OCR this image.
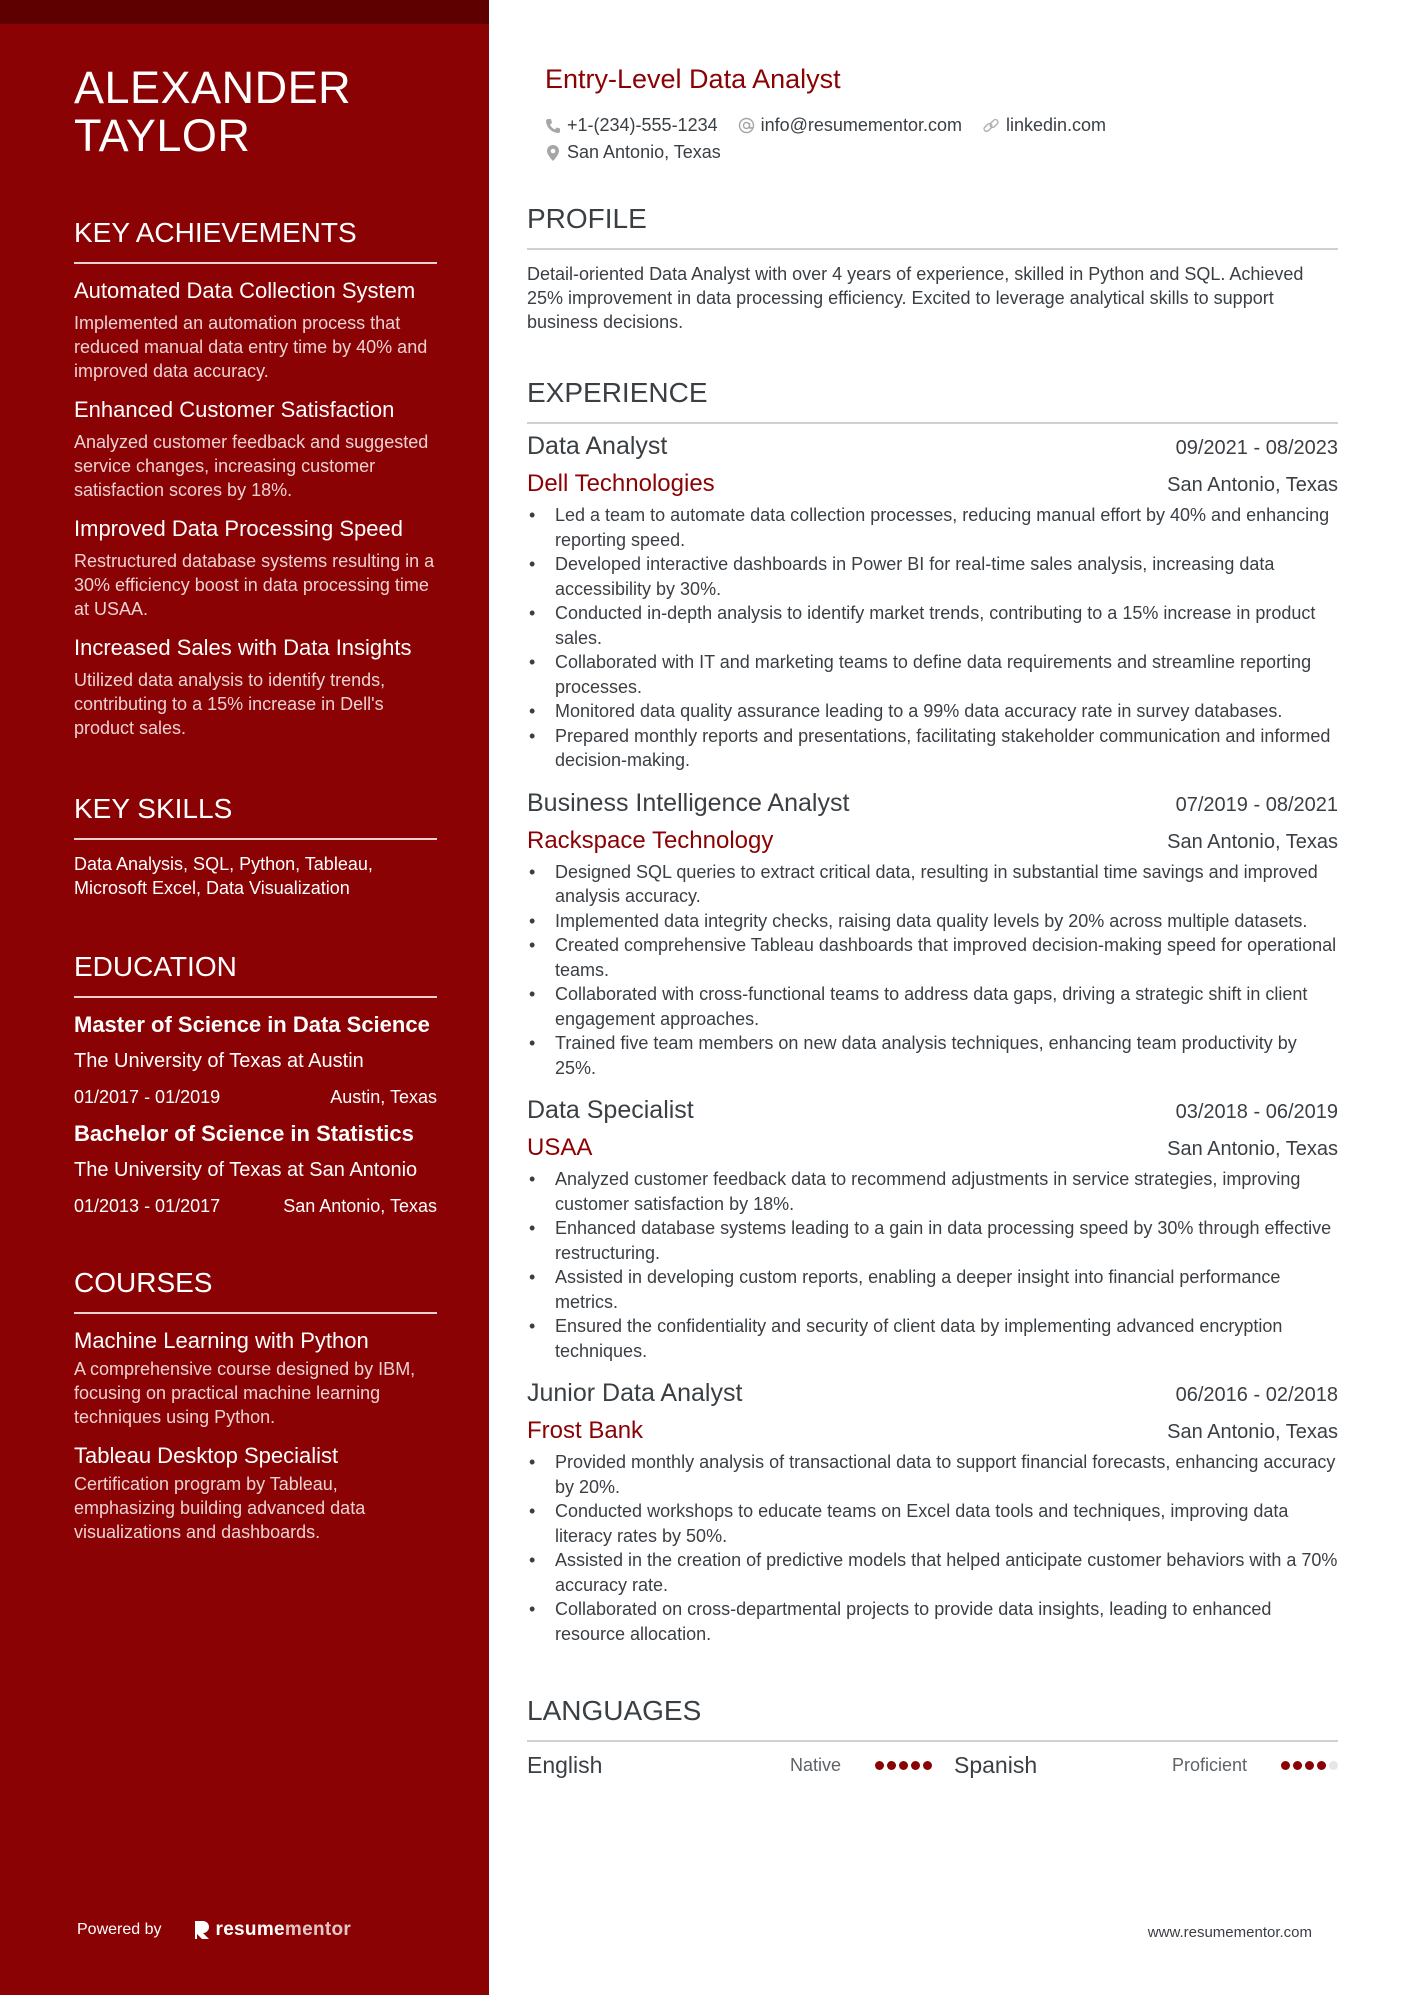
ALEXANDER
TAYLOR
KEY ACHIEVEMENTS
Automated Data Collection System
Implemented an automation process that reduced manual data entry time by 40% and improved data accuracy.
Enhanced Customer Satisfaction
Analyzed customer feedback and suggested service changes, increasing customer satisfaction scores by 18%.
Improved Data Processing Speed
Restructured database systems resulting in a 30% efficiency boost in data processing time at USAA.
Increased Sales with Data Insights
Utilized data analysis to identify trends, contributing to a 15% increase in Dell's product sales.
KEY SKILLS
Data Analysis, SQL, Python, Tableau, Microsoft Excel, Data Visualization
EDUCATION
Master of Science in Data Science
The University of Texas at Austin
01/2017 - 01/2019	Austin, Texas
Bachelor of Science in Statistics
The University of Texas at San Antonio
01/2013 - 01/2017	San Antonio, Texas
COURSES
Machine Learning with Python
A comprehensive course designed by IBM, focusing on practical machine learning techniques using Python.
Tableau Desktop Specialist
Certification program by Tableau, emphasizing building advanced data visualizations and dashboards.
Powered by	resume mentor
Entry-Level Data Analyst
+1-(234)-555-1234 info@resumementor.com linkedin.com
San Antonio, Texas
PROFILE

Detail-oriented Data Analyst with over 4 years of experience, skilled in Python and SQL. Achieved 25% improvement in data processing efficiency. Excited to leverage analytical skills to support business decisions.

EXPERIENCE
Data Analyst	09/2021 - 08/2023
Dell Technologies	San Antonio, Texas
• Led a team to automate data collection processes, reducing manual effort by 40% and enhancing reporting speed.
• Developed interactive dashboards in Power BI for real-time sales analysis, increasing data accessibility by 30%.
• Conducted in-depth analysis to identify market trends, contributing to a 15% increase in product sales.
• Collaborated with IT and marketing teams to define data requirements and streamline reporting processes.
• Monitored data quality assurance leading to a 99% data accuracy rate in survey databases.
• Prepared monthly reports and presentations, facilitating stakeholder communication and informed decision-making.
Business Intelligence Analyst	07/2019 - 08/2021
Rackspace Technology	San Antonio, Texas
• Designed SQL queries to extract critical data, resulting in substantial time savings and improved analysis accuracy.
• Implemented data integrity checks, raising data quality levels by 20% across multiple datasets.
• Created comprehensive Tableau dashboards that improved decision-making speed for operational teams.
• Collaborated with cross-functional teams to address data gaps, driving a strategic shift in client engagement approaches.
• Trained five team members on new data analysis techniques, enhancing team productivity by 25%.
Data Specialist	03/2018 - 06/2019
USAA	San Antonio, Texas
• Analyzed customer feedback data to recommend adjustments in service strategies, improving customer satisfaction by 18%.
• Enhanced database systems leading to a gain in data processing speed by 30% through effective restructuring.
• Assisted in developing custom reports, enabling a deeper insight into financial performance metrics.
• Ensured the confidentiality and security of client data by implementing advanced encryption techniques.
Junior Data Analyst	06/2016 - 02/2018
Frost Bank	San Antonio, Texas
• Provided monthly analysis of transactional data to support financial forecasts, enhancing accuracy by 20%.
• Conducted workshops to educate teams on Excel data tools and techniques, improving data literacy rates by 50%.
• Assisted in the creation of predictive models that helped anticipate customer behaviors with a 70% accuracy rate.
• Collaborated on cross-departmental projects to provide data insights, leading to enhanced resource allocation.
LANGUAGES
English	Native	Spanish	Proficient
www.resumementor.com
